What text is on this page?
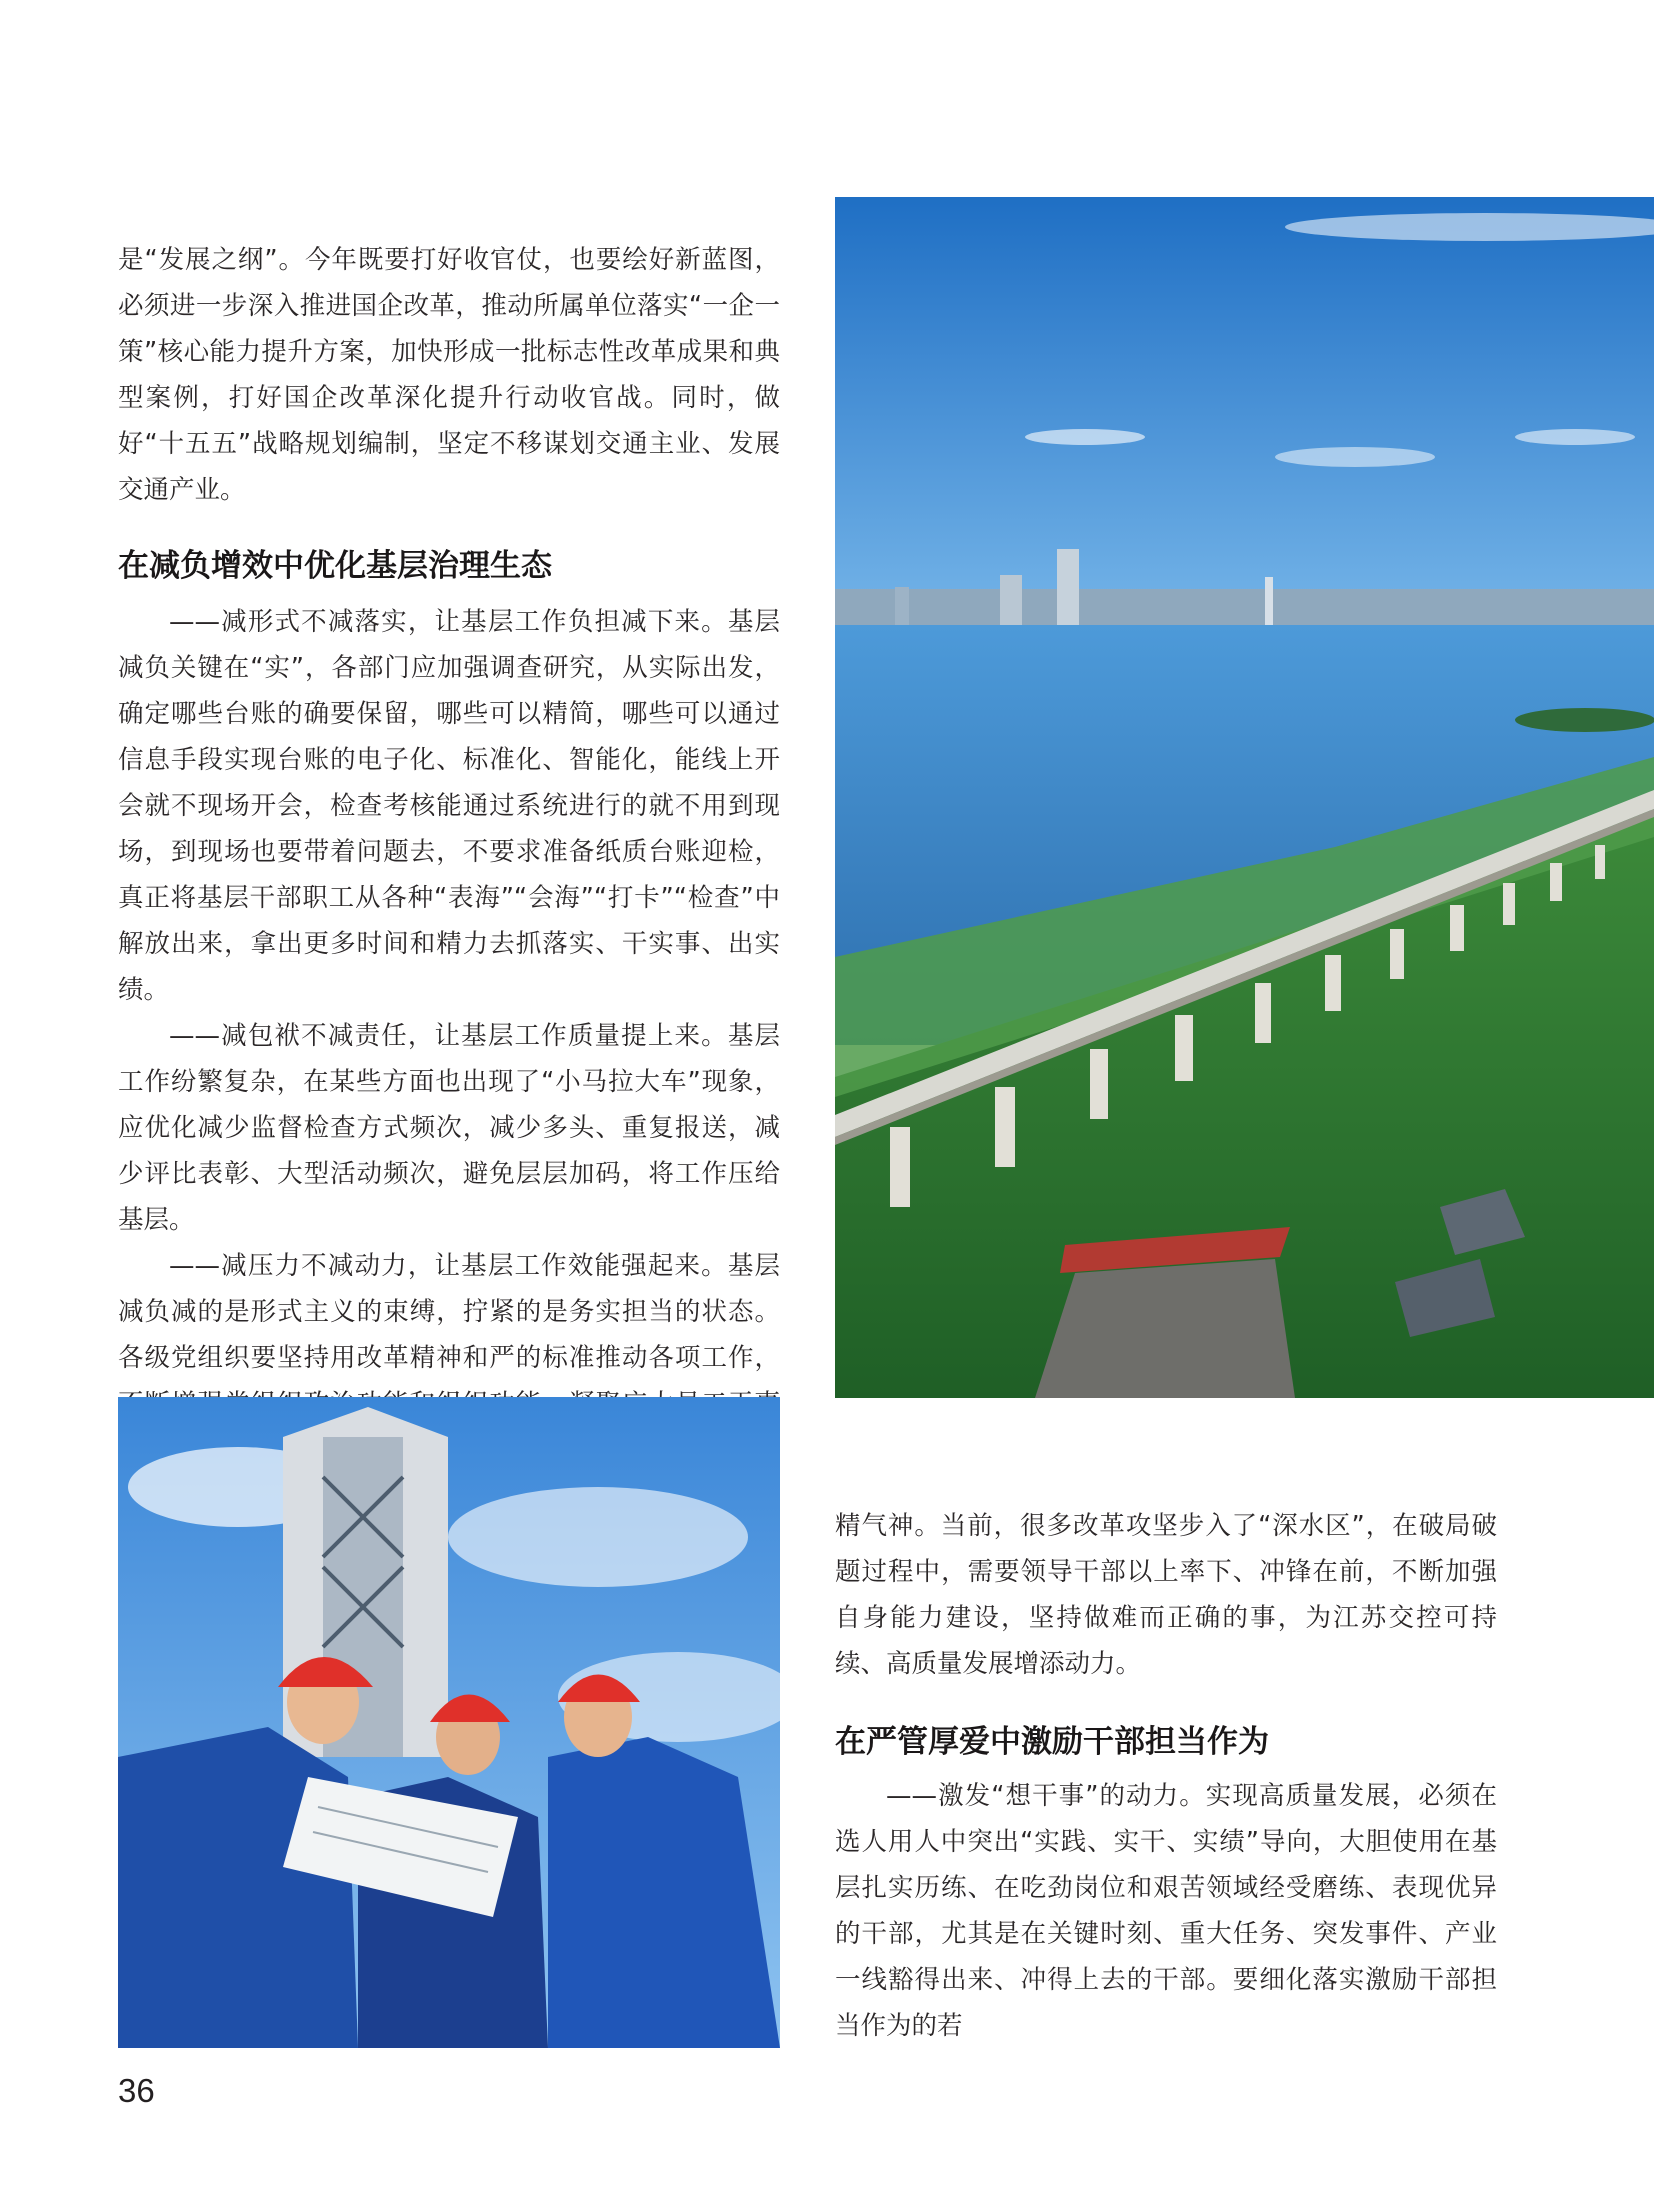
是“发展之纲”。今年既要打好收官仗，也要绘好新蓝图，必须进一步深入推进国企改革，推动所属单位落实“一企一策”核心能力提升方案，加快形成一批标志性改革成果和典型案例，打好国企改革深化提升行动收官战。同时，做好“十五五”战略规划编制，坚定不移谋划交通主业、发展交通产业。

在减负增效中优化基层治理生态

——减形式不减落实，让基层工作负担减下来。基层减负关键在“实”，各部门应加强调查研究，从实际出发，确定哪些台账的确要保留，哪些可以精简，哪些可以通过信息手段实现台账的电子化、标准化、智能化，能线上开会就不现场开会，检查考核能通过系统进行的就不用到现场，到现场也要带着问题去，不要求准备纸质台账迎检，真正将基层干部职工从各种“表海”“会海”“打卡”“检查”中解放出来，拿出更多时间和精力去抓落实、干实事、出实绩。

——减包袱不减责任，让基层工作质量提上来。基层工作纷繁复杂，在某些方面也出现了“小马拉大车”现象，应优化减少监督检查方式频次，减少多头、重复报送，减少评比表彰、大型活动频次，避免层层加码，将工作压给基层。

——减压力不减动力，让基层工作效能强起来。基层减负减的是形式主义的束缚，拧紧的是务实担当的状态。各级党组织要坚持用改革精神和严的标准推动各项工作，

精气神。当前，很多改革攻坚步入了“深水区”，在破局破题过程中，需要领导干部以上率下、冲锋在前，不断加强自身能力建设，坚持做难而正确的事，为江苏交控可持续、高质量发展增添动力。

在严管厚爱中激励干部担当作为

——激发“想干事”的动力。实现高质量发展，必须在选人用人中突出“实践、实干、实绩”导向，大胆使用在基层扎实历练、在吃劲岗位和艰苦领域经受磨练、表现优异的干部，尤其是在关键时刻、重大任务、突发事件、产业一线豁得出来、冲得上去的干部。要细化落实激励干部担当作为的若

36
